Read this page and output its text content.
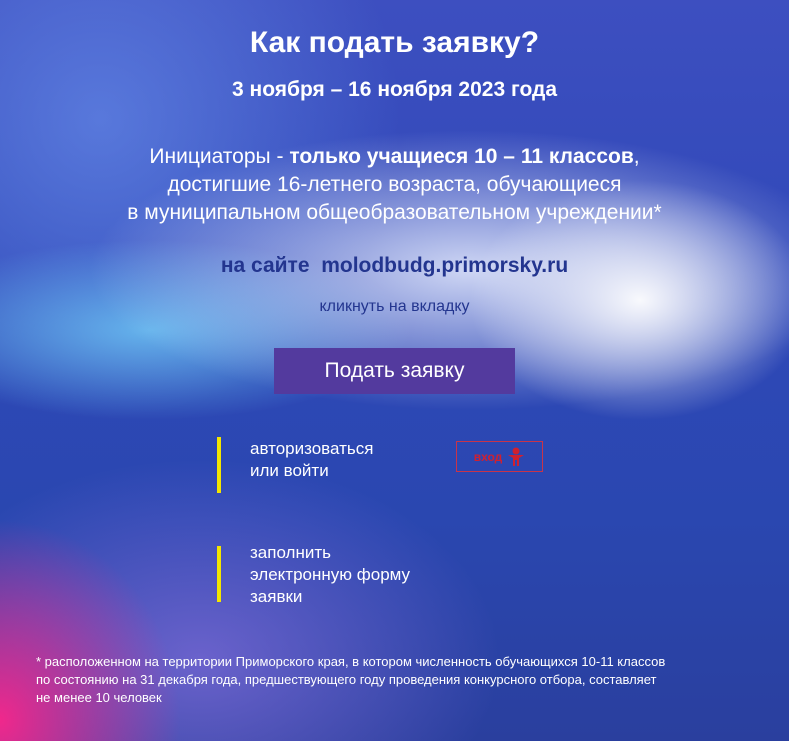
Как подать заявку?
3 ноября – 16 ноября 2023 года
Инициаторы - только учащиеся 10 – 11 классов,
достигшие 16-летнего возраста, обучающиеся
в муниципальном общеобразовательном учреждении*
на сайте molodbudg.primorsky.ru
кликнуть на вкладку
Подать заявку
авторизоваться
или войти
вход
заполнить
электронную форму
заявки
* расположенном на территории Приморского края, в котором численность обучающихся 10-11 классов
по состоянию на 31 декабря года, предшествующего году проведения конкурсного отбора, составляет
не менее 10 человек
